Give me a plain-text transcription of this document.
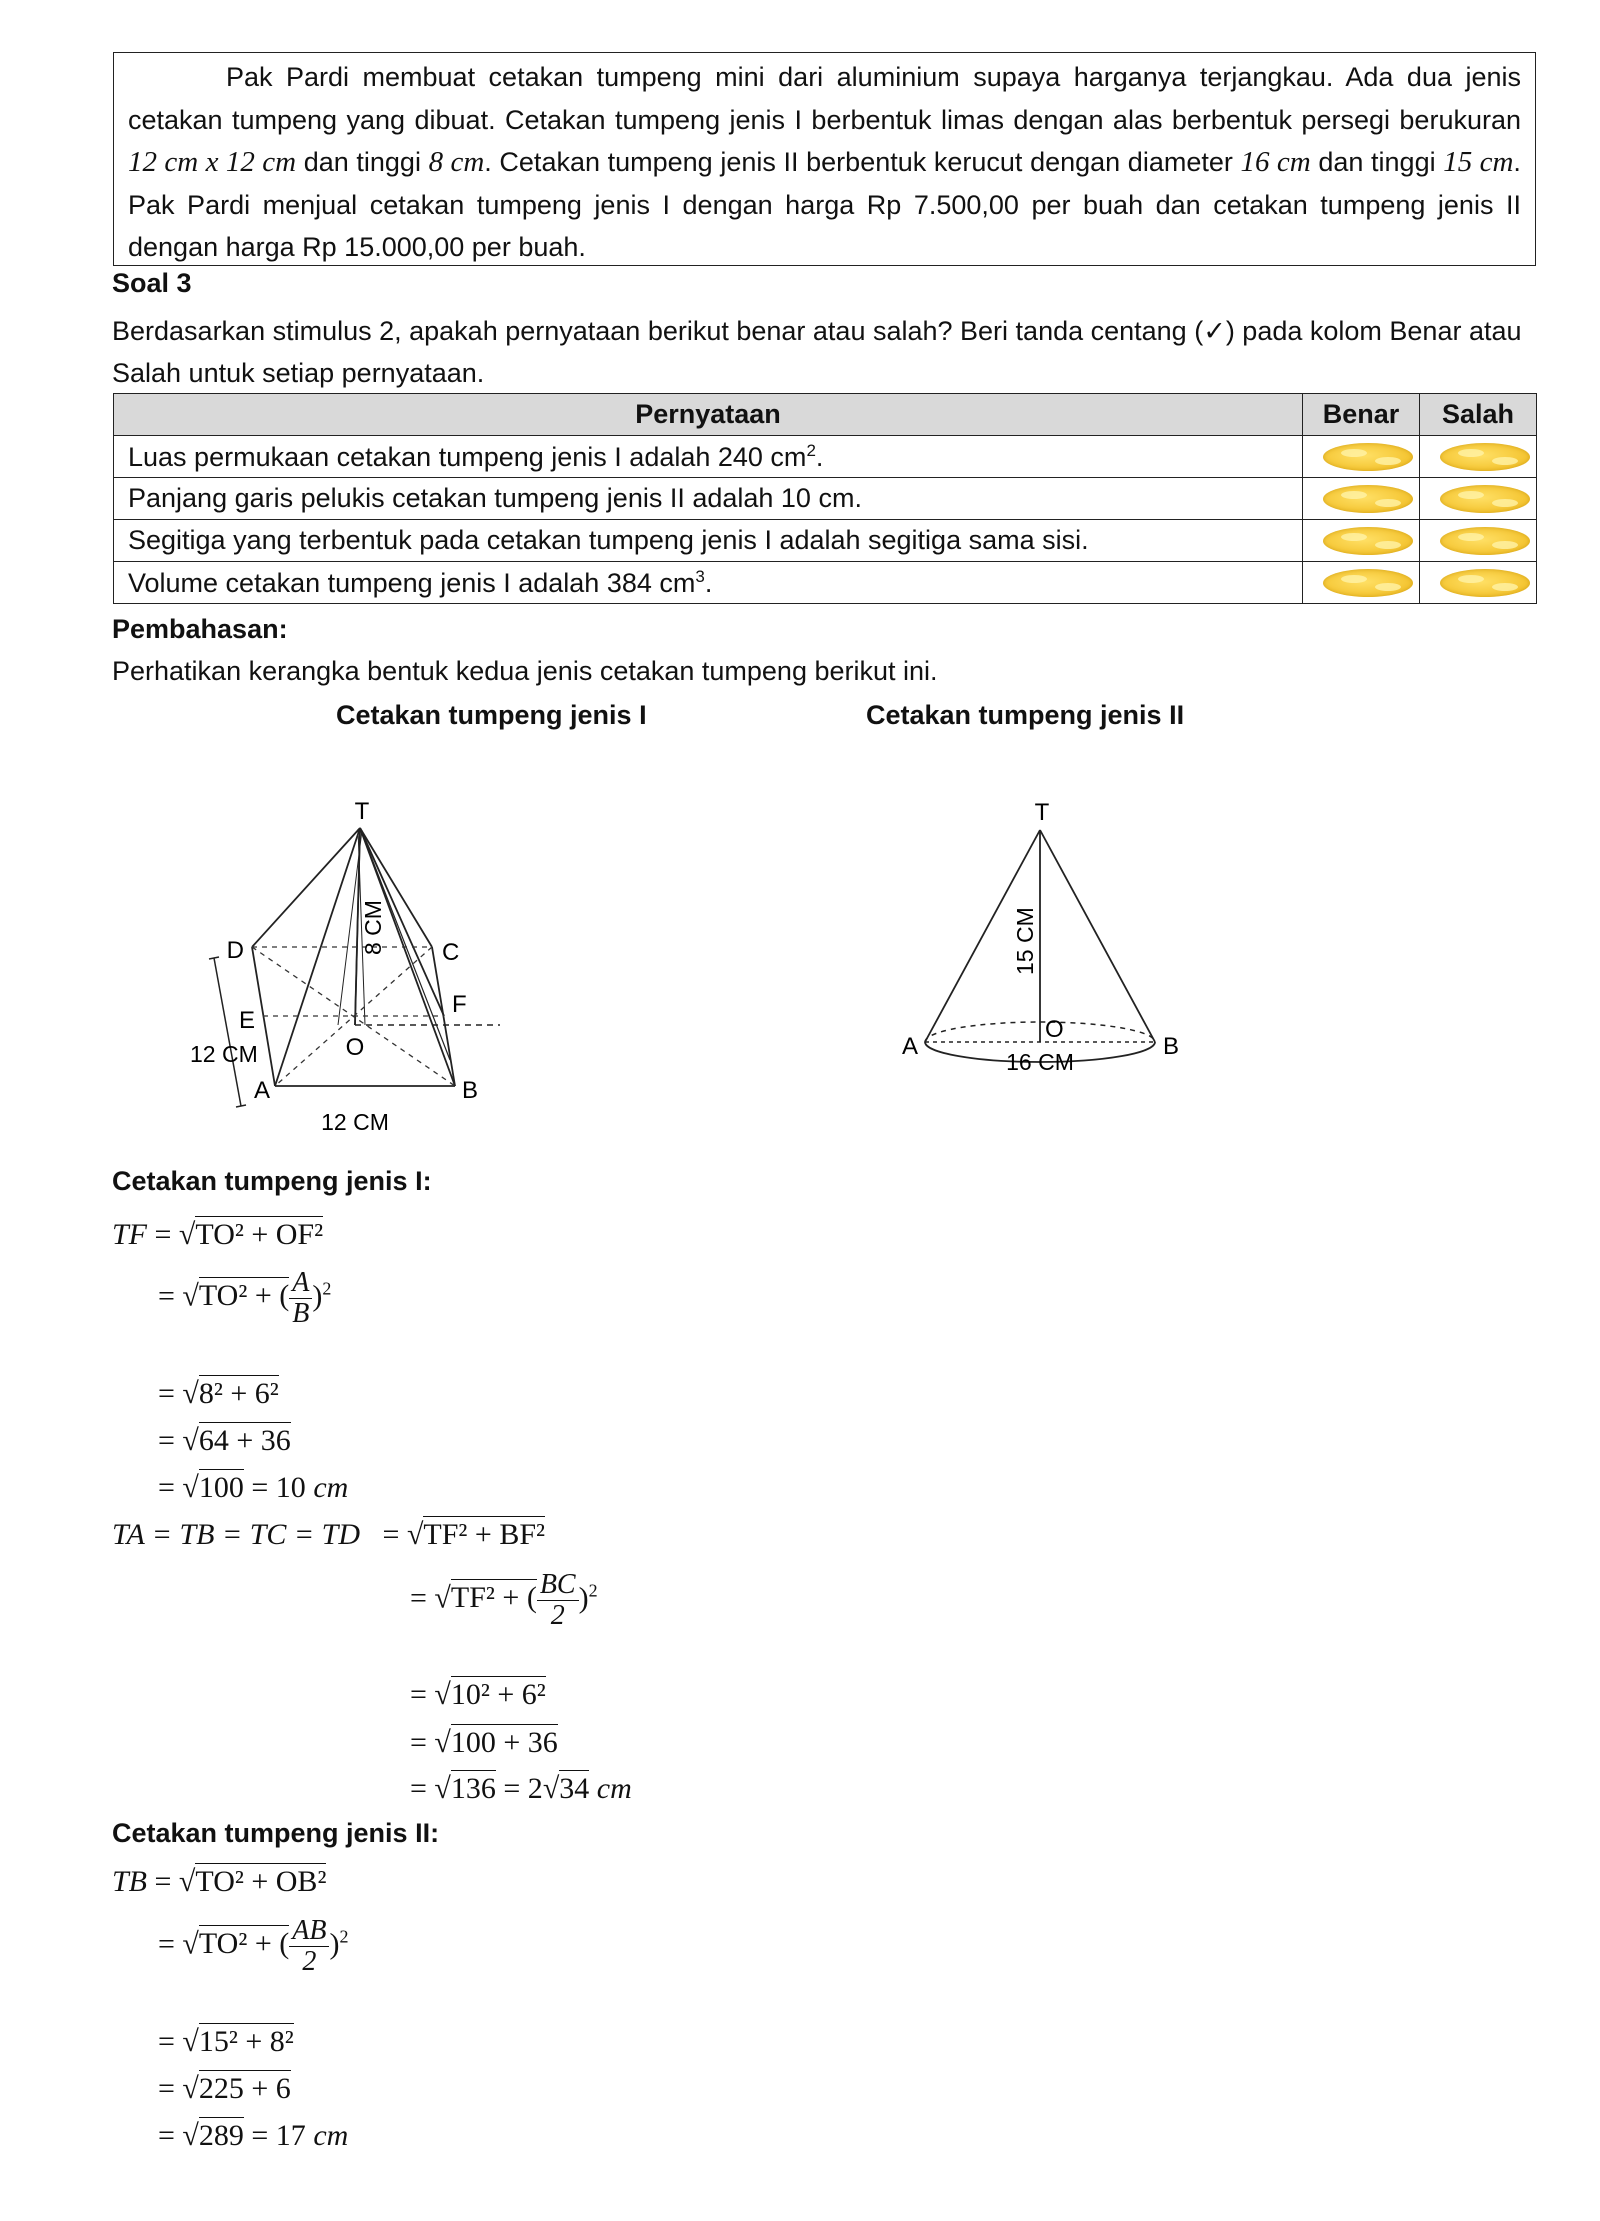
Pak Pardi membuat cetakan tumpeng mini dari aluminium supaya harganya terjangkau. Ada dua jenis cetakan tumpeng yang dibuat. Cetakan tumpeng jenis I berbentuk limas dengan alas berbentuk persegi berukuran 12 cm x 12 cm dan tinggi 8 cm. Cetakan tumpeng jenis II berbentuk kerucut dengan diameter 16 cm dan tinggi 15 cm. Pak Pardi menjual cetakan tumpeng jenis I dengan harga Rp 7.500,00 per buah dan cetakan tumpeng jenis II dengan harga Rp 15.000,00 per buah.
Soal 3
Berdasarkan stimulus 2, apakah pernyataan berikut benar atau salah? Beri tanda centang (✓) pada kolom Benar atau Salah untuk setiap pernyataan.
Pernyataan	Benar	Salah
Luas permukaan cetakan tumpeng jenis I adalah 240 $cm^2$.	

Panjang garis pelukis cetakan tumpeng jenis II adalah 10 cm.	

Segitiga yang terbentuk pada cetakan tumpeng jenis I adalah segitiga sama sisi.	

Volume cetakan tumpeng jenis I adalah 384 $cm^3$.	

Pembahasan:
Perhatikan kerangka bentuk kedua jenis cetakan tumpeng berikut ini.
Cetakan tumpeng jenis I	Cetakan tumpeng jenis II
T
D	C
E
F
O
A	B
8 CM
12 CM
12 CM
T
O
A	B
15 CM
16 CM
Cetakan tumpeng jenis I:
TF = √TO² + OF²
= √TO² + ( $\frac{A}{B} )^2$
= √8² + 6²
= √64 + 36
= √100 = 10 cm
TA = TB = TC = TD   = √TF² + BF²
= √TF² + ( $\frac{BC}{2} )^2$
= √10² + 6²
= √100 + 36
= √136 = 2√34 cm
Cetakan tumpeng jenis II:
TB = √TO² + OB²
= √TO² + ( $\frac{AB}{2} )^2$
= √15² + 8²
= √225 + 6
= √289 = 17 cm
